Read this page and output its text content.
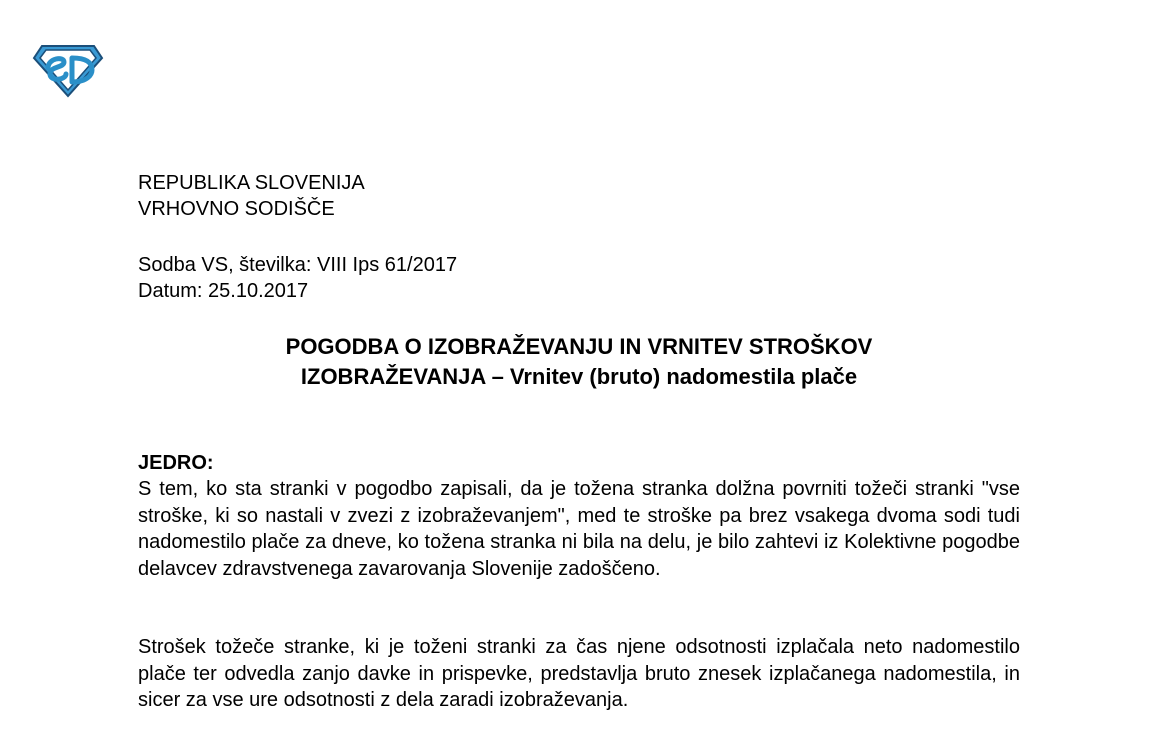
REPUBLIKA SLOVENIJA
VRHOVNO SODIŠČE
Sodba VS, številka: VIII Ips 61/2017
Datum: 25.10.2017
POGODBA O IZOBRAŽEVANJU IN VRNITEV STROŠKOV
IZOBRAŽEVANJA – Vrnitev (bruto) nadomestila plače
JEDRO:
S tem, ko sta stranki v pogodbo zapisali, da je tožena stranka dolžna povrniti tožeči stranki "vse stroške, ki so nastali v zvezi z izobraževanjem", med te stroške pa brez vsakega dvoma sodi tudi nadomestilo plače za dneve, ko tožena stranka ni bila na delu, je bilo zahtevi iz Kolektivne pogodbe delavcev zdravstvenega zavarovanja Slovenije zadoščeno.
Strošek tožeče stranke, ki je toženi stranki za čas njene odsotnosti izplačala neto nadomestilo plače ter odvedla zanjo davke in prispevke, predstavlja bruto znesek izplačanega nadomestila, in sicer za vse ure odsotnosti z dela zaradi izobraževanja.
